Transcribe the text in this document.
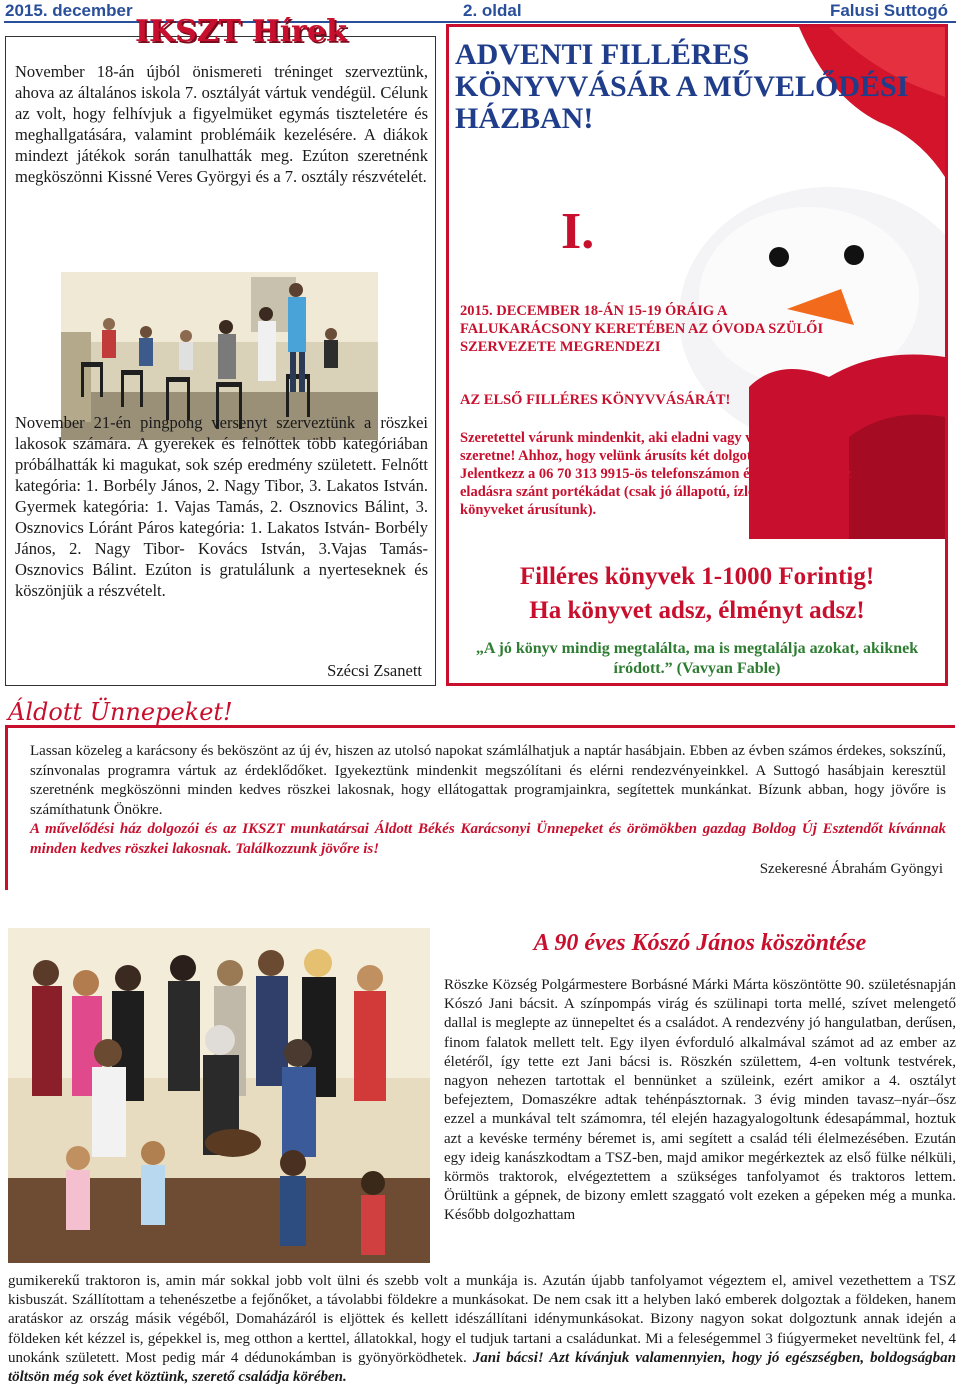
2015. december	2. oldal	Falusi Suttogó

November 18-án újból önismereti tréninget szerveztünk, ahova az általános iskola 7. osztályát vártuk vendégül. Célunk az volt, hogy felhívjuk a figyelmüket egymás tiszteletére és meghallgatására, valamint problémáik kezelésére. A diákok mindezt játékok során tanulhatták meg. Ezúton szeretnénk megköszönni Kissné Veres Györgyi és a 7. osztály részvételét.

November 21-én pingpong versenyt szerveztünk a röszkei lakosok számára. A gyerekek és felnőttek több kategóriában próbálhatták ki magukat, sok szép eredmény született. Felnőtt kategória: 1. Borbély János, 2. Nagy Tibor, 3. Lakatos István. Gyermek kategória: 1. Vajas Tamás, 2. Osznovics Bálint, 3. Osznovics Lóránt Páros kategória: 1. Lakatos István- Borbély János, 2. Nagy Tibor- Kovács István, 3.Vajas Tamás- Osznovics Bálint. Ezúton is gratulálunk a nyerteseknek és köszönjük a részvételt.

Szécsi Zsanett
IKSZT Hírek
ADVENTI FILLÉRES KÖNYVVÁSÁR A MŰVELŐDÉSI HÁZBAN!
I.
2015. DECEMBER 18-ÁN 15-19 ÓRÁIG A FALUKARÁCSONY KERETÉBEN AZ ÓVODA SZÜLŐI SZERVEZETE MEGRENDEZI
AZ ELSŐ FILLÉRES KÖNYVVÁSÁRÁT!
Szeretettel várunk mindenkit, aki eladni vagy vásárolni szeretne! Ahhoz, hogy velünk árusíts két dolgot kell tenned: Jelentkezz a 06 70 313 9915-ös telefonszámon és csinosítsd ki az eladásra szánt portékádat (csak jó állapotú, ízléses tartalmú könyveket árusítunk).
Filléres könyvek 1-1000 Forintig!
Ha könyvet adsz, élményt adsz!
„A jó könyv mindig megtalálta, ma is megtalálja azokat, akiknek íródott.” (Vavyan Fable)
Áldott Ünnepeket!

Lassan közeleg a karácsony és beköszönt az új év, hiszen az utolsó napokat számlálhatjuk a naptár hasábjain. Ebben az évben számos érdekes, sokszínű, színvonalas programra vártuk az érdeklődőket. Igyekeztünk mindenkit megszólítani és elérni rendezvényeinkkel. A Suttogó hasábjain keresztül szeretnénk megköszönni minden kedves röszkei lakosnak, hogy ellátogattak programjainkra, segítettek munkánkat. Bízunk abban, hogy jövőre is számíthatunk Önökre.

A művelődési ház dolgozói és az IKSZT munkatársai Áldott Békés Karácsonyi Ünnepeket és örömökben gazdag Boldog Új Esztendőt kívánnak minden kedves röszkei lakosnak. Találkozzunk jövőre is!

Szekeresné Ábrahám Gyöngyi
A 90 éves Kószó János köszöntése

Röszke Község Polgármestere Borbásné Márki Márta köszöntötte 90. születésnapján Kószó Jani bácsit. A színpompás virág és szülinapi torta mellé, szívet melengető dallal is meglepte az ünnepeltet és a családot. A rendezvény jó hangulatban, derűsen, finom falatok mellett telt. Egy ilyen évforduló alkalmával számot ad az ember az életéről, így tette ezt Jani bácsi is. Röszkén születtem, 4-en voltunk testvérek, nagyon nehezen tartottak el bennünket a szüleink, ezért amikor a 4. osztályt befejeztem, Domaszékre adtak tehénpásztornak. 3 évig minden tavasz–nyár–ősz ezzel a munkával telt számomra, tél elején hazagyalogoltunk édesapámmal, hoztuk azt a kevéske termény béremet is, ami segített a család téli élelmezésében. Ezután egy ideig kanászkodtam a TSZ-ben, majd amikor megérkeztek az első fülke nélküli, körmös traktorok, elvégeztettem a szükséges tanfolyamot és traktoros lettem. Örültünk a gépnek, de bizony emlett szaggató volt ezeken a gépeken még a munka. Később dolgozhattam

gumikerekű traktoron is, amin már sokkal jobb volt ülni és szebb volt a munkája is. Azután újabb tanfolyamot végeztem el, amivel vezethettem a TSZ kisbuszát. Szállítottam a tehenészetbe a fejőnőket, a távolabbi földekre a munkásokat. De nem csak itt a helyben lakó emberek dolgoztak a földeken, hanem aratáskor az ország másik végéből, Domaházáról is eljöttek és kellett idészállítani idénymunkásokat. Bizony nagyon sokat dolgoztunk annak idején a földeken két kézzel is, gépekkel is, meg otthon a kerttel, állatokkal, hogy el tudjuk tartani a családunkat. Mi a feleségemmel 3 fiúgyermeket neveltünk fel, 4 unokánk született. Most pedig már 4 dédunokámban is gyönyörködhetek. Jani bácsi! Azt kívánjuk valamennyien, hogy jó egészségben, boldogságban töltsön még sok évet köztünk, szerető családja körében.
